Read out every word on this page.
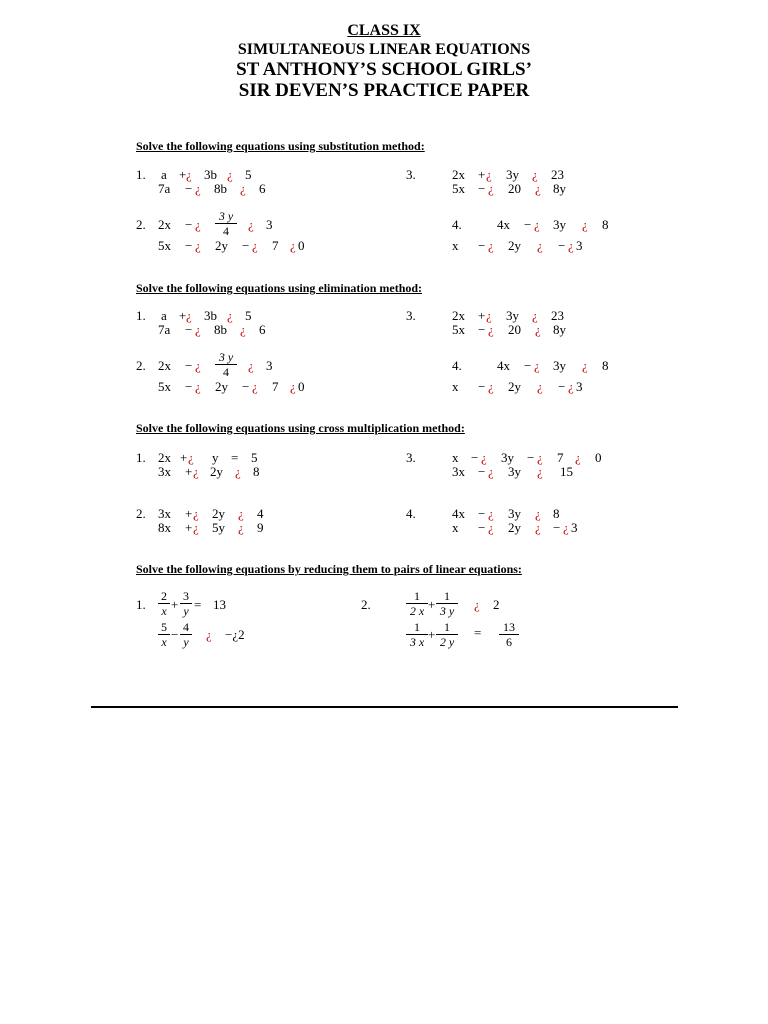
CLASS IX
SIMULTANEOUS LINEAR EQUATIONS
ST ANTHONY’S SCHOOL GIRLS’
SIR DEVEN’S PRACTICE PAPER
Solve the following equations using substitution method:
1. a + ¿ 3b ¿ 5
7a − ¿ 8b ¿ 6
3.	2x + ¿ 3y ¿ 23
5x − ¿ 20 ¿ 8y
2. 2x − ¿ $\frac{3 y}{4}$ ¿ 3
5x − ¿ 2y − ¿ 7 ¿ 0
4.	4x − ¿ 3y ¿ 8
x − ¿ 2y ¿ − ¿ 3
Solve the following equations using elimination method:
1. a + ¿ 3b ¿ 5
7a − ¿ 8b ¿ 6
3.	2x + ¿ 3y ¿ 23
5x − ¿ 20 ¿ 8y
2. 2x − ¿ $\frac{3 y}{4}$ ¿ 3
5x − ¿ 2y − ¿ 7 ¿ 0
4.	4x − ¿ 3y ¿ 8
x − ¿ 2y ¿ − ¿ 3
Solve the following equations using cross multiplication method:
1. 2x + ¿ y = 5
3x + ¿ 2y ¿ 8
3.	x − ¿ 3y − ¿ 7 ¿ 0
3x − ¿ 3y ¿ 15
2. 3x + ¿ 2y ¿ 4
8x + ¿ 5y ¿ 9
4.	4x − ¿ 3y ¿ 8
x − ¿ 2y ¿ − ¿ 3
Solve the following equations by reducing them to pairs of linear equations:
1. $\frac{2}{x} + \frac{3}{y} = 13$
$\frac{5}{x} - \frac{4}{y}$ ¿ −¿2
2.	$\frac{1}{2 x} + \frac{1}{3 y}$ ¿ 2
$\frac{1}{3 x} + \frac{1}{2 y} = \frac{13}{6}$
